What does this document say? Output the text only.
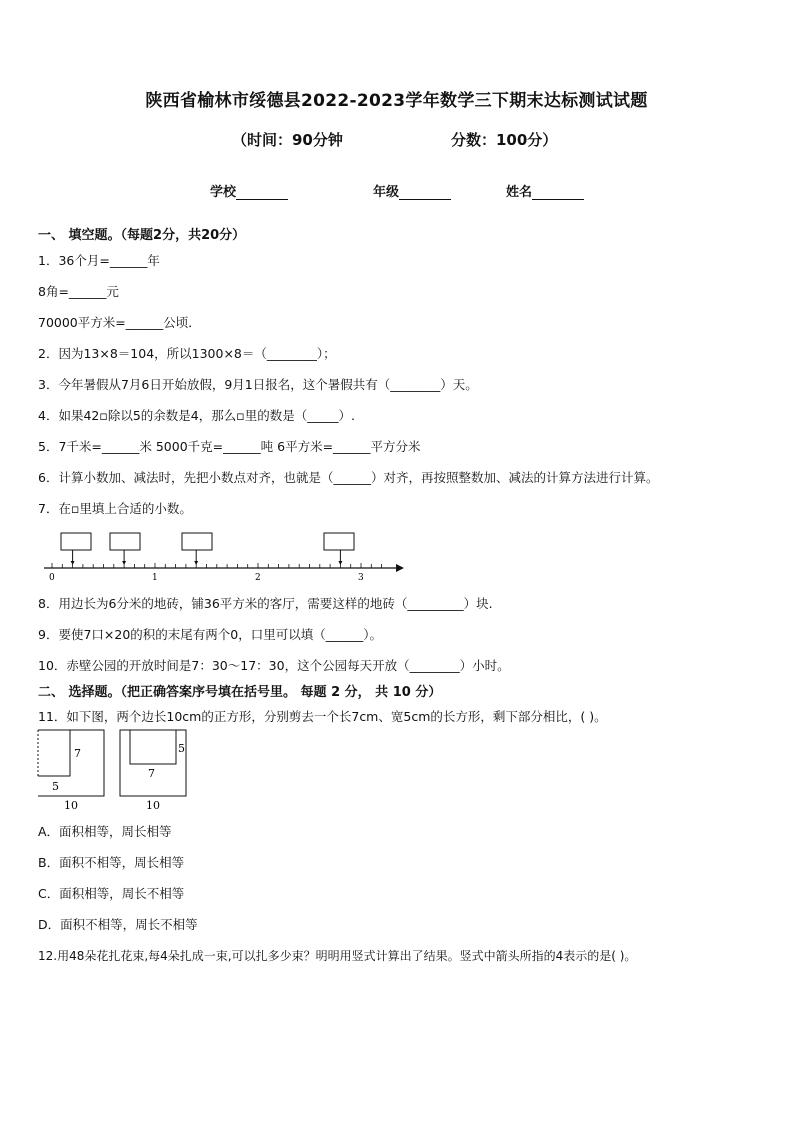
陕西省榆林市绥德县2022-2023学年数学三下期末达标测试试题
（时间：90分钟	分数：100分）
学校	年级	姓名
一、 填空题。（每题2分，共20分）
1．36个月=______年
8角=______元
70000平方米=______公顷．
2．因为13×8＝104，所以1300×8＝（________）；
3．今年暑假从7月6日开始放假，9月1日报名，这个暑假共有（________）天。
4．如果42▫除以5的余数是4，那么▫里的数是（_____）.
5．7千米=______米 5000千克=______吨 6平方米=______平方分米
6．计算小数加、减法时，先把小数点对齐，也就是（______）对齐，再按照整数加、减法的计算方法进行计算。
7．在▫里填上合适的小数。
0	1	2	3
8．用边长为6分米的地砖，铺36平方米的客厅，需要这样的地砖（_________）块.
9．要使7口×20的积的末尾有两个0，口里可以填（______）。
10．赤壁公园的开放时间是7：30～17：30，这个公园每天开放（________）小时。
二、 选择题。（把正确答案序号填在括号里。 每题 2 分， 共 10 分）
11．如下图，两个边长10cm的正方形，分别剪去一个长7cm、宽5cm的长方形，剩下部分相比，( )。
7
5
10
5
7
10
A．面积相等，周长相等
B．面积不相等，周长相等
C．面积相等，周长不相等
D．面积不相等，周长不相等
12.用48朵花扎花束,每4朵扎成一束,可以扎多少束？明明用竖式计算出了结果。竖式中箭头所指的4表示的是( )。
